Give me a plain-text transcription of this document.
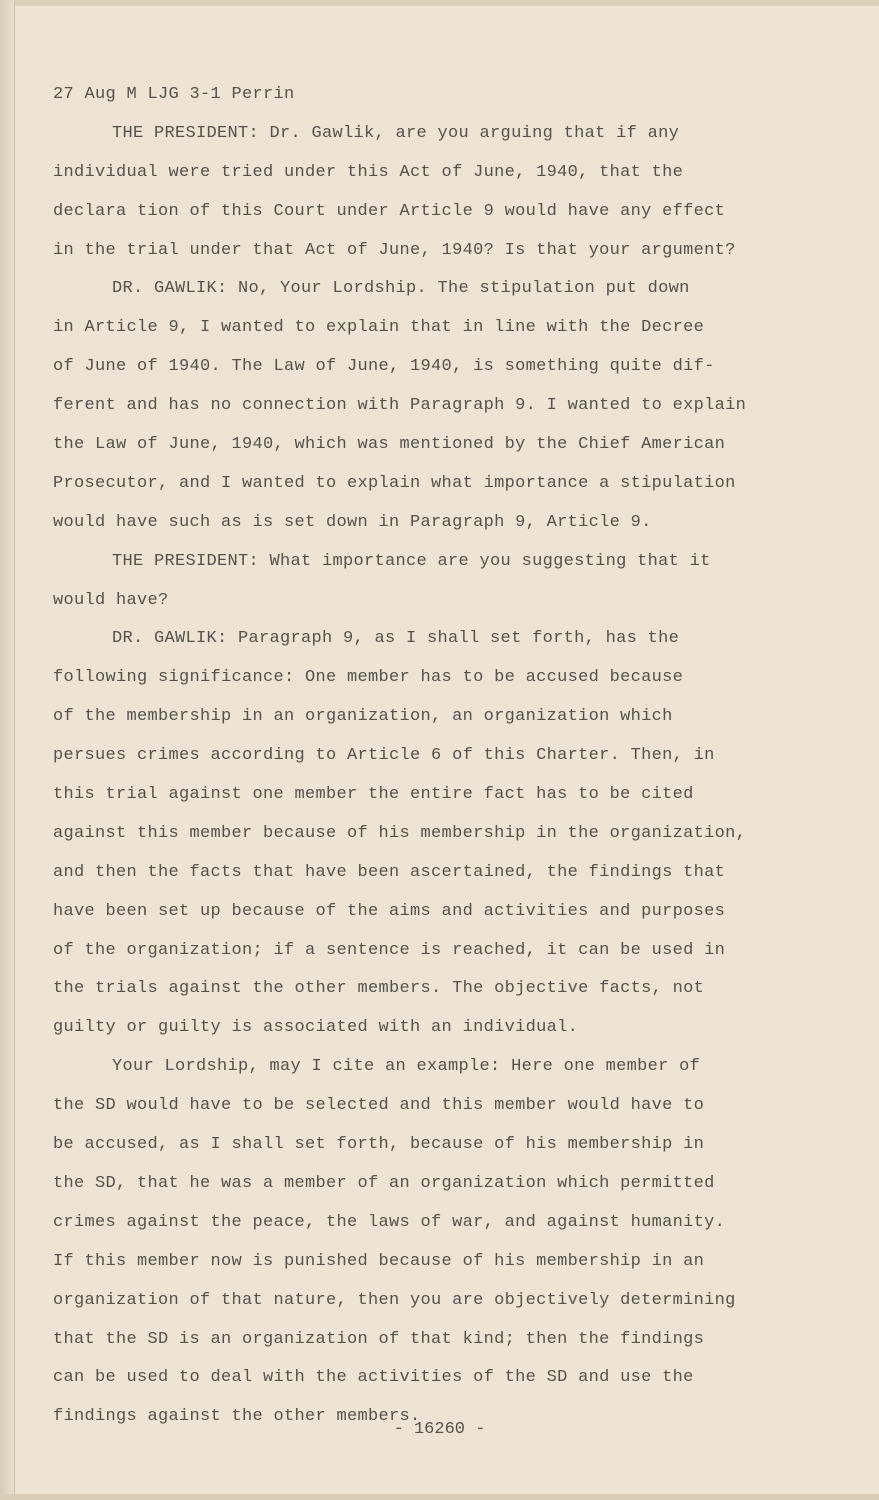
27 Aug M LJG 3-1 Perrin
THE PRESIDENT: Dr. Gawlik, are you arguing that if any
individual were tried under this Act of June, 1940, that the
declara tion of this Court under Article 9 would have any effect
in the trial under that Act of June, 1940? Is that your argument?
DR. GAWLIK: No, Your Lordship. The stipulation put down
in Article 9, I wanted to explain that in line with the Decree
of June of 1940. The Law of June, 1940, is something quite dif-
ferent and has no connection with Paragraph 9. I wanted to explain
the Law of June, 1940, which was mentioned by the Chief American
Prosecutor, and I wanted to explain what importance a stipulation
would have such as is set down in Paragraph 9, Article 9.
THE PRESIDENT: What importance are you suggesting that it
would have?
DR. GAWLIK: Paragraph 9, as I shall set forth, has the
following significance: One member has to be accused because
of the membership in an organization, an organization which
persues crimes according to Article 6 of this Charter. Then, in
this trial against one member the entire fact has to be cited
against this member because of his membership in the organization,
and then the facts that have been ascertained, the findings that
have been set up because of the aims and activities and purposes
of the organization; if a sentence is reached, it can be used in
the trials against the other members. The objective facts, not
guilty or guilty is associated with an individual.
Your Lordship, may I cite an example: Here one member of
the SD would have to be selected and this member would have to
be accused, as I shall set forth, because of his membership in
the SD, that he was a member of an organization which permitted
crimes against the peace, the laws of war, and against humanity.
If this member now is punished because of his membership in an
organization of that nature, then you are objectively determining
that the SD is an organization of that kind; then the findings
can be used to deal with the activities of the SD and use the
findings against the other members.
- 16260 -
